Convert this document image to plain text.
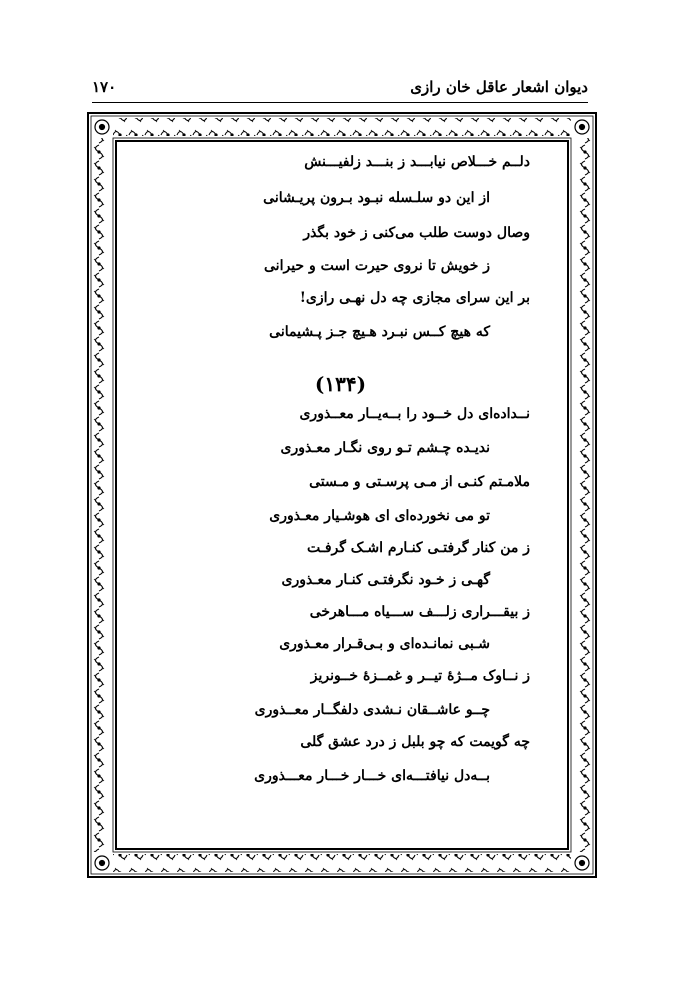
دیوان اشعار عاقل خان رازی
۱۷۰
دلــم خـــلاص نیابـــد ز بنـــد زلفیـــنش
از این دو سلـسله نبـود بـرون پریـشانی
وصال دوست طلب می‌کنی ز خود بگذر
ز خویش تا نروی حیرت است و حیرانی
بر این سرای مجازی چه دل نهـی رازی!
که هیچ کــس نبـرد هـیچ جـز پـشیمانی
(۱۳۴)
نــداده‌ای دل خــود را بــه‌یــار معــذوری
ندیـده چـشم تـو روی نگـار معـذوری
ملامـتم کنـی از مـی پرسـتی و مـستی
تو می نخورده‌ای ای هوشـیار معـذوری
ز من کنار گرفتـی کنـارم اشـک گرفـت
گهـی ز خـود نگرفتـی کنـار معـذوری
ز بیقـــراری زلـــف ســـیاه مـــاهرخی
شـبی نمانـده‌ای و بـی‌قـرار معـذوری
ز نــاوک مــژهٔ تیــر و غمــزهٔ خــونریز
چــو عاشــقان نـشدی دلفگــار معــذوری
چه گویمت که چو بلبل ز درد عشق گلی
بــه‌دل نیافتـــه‌ای خـــار خـــار معـــذوری
